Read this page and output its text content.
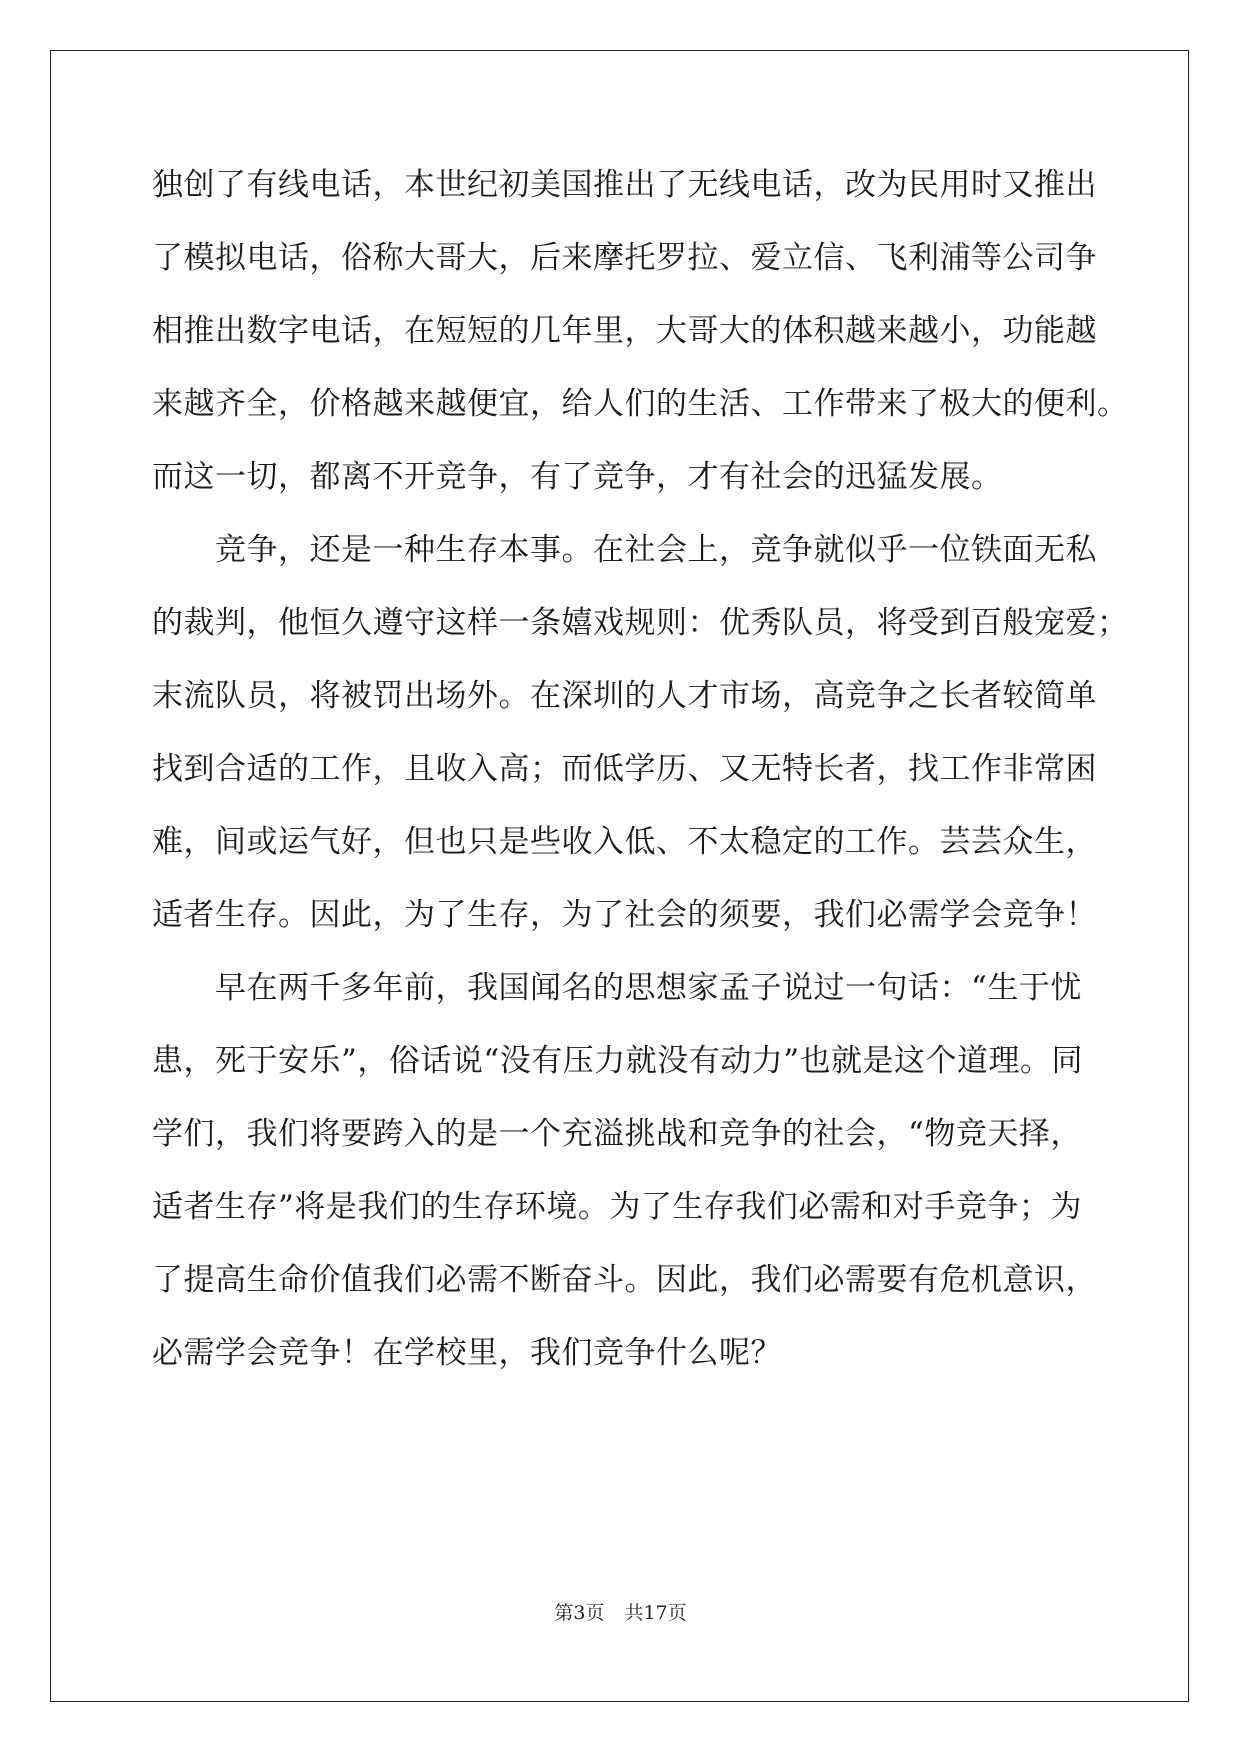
独创了有线电话，本世纪初美国推出了无线电话，改为民用时又推出
了模拟电话，俗称大哥大，后来摩托罗拉、爱立信、飞利浦等公司争
相推出数字电话，在短短的几年里，大哥大的体积越来越小，功能越
来越齐全，价格越来越便宜，给人们的生活、工作带来了极大的便利。
而这一切，都离不开竞争，有了竞争，才有社会的迅猛发展。
　　竞争，还是一种生存本事。在社会上，竞争就似乎一位铁面无私
的裁判，他恒久遵守这样一条嬉戏规则：优秀队员，将受到百般宠爱；
末流队员，将被罚出场外。在深圳的人才市场，高竞争之长者较简单
找到合适的工作，且收入高；而低学历、又无特长者，找工作非常困
难，间或运气好，但也只是些收入低、不太稳定的工作。芸芸众生，
适者生存。因此，为了生存，为了社会的须要，我们必需学会竞争！
　　早在两千多年前，我国闻名的思想家孟子说过一句话：“生于忧
患，死于安乐”，俗话说“没有压力就没有动力”也就是这个道理。同
学们，我们将要跨入的是一个充溢挑战和竞争的社会，“物竞天择，
适者生存”将是我们的生存环境。为了生存我们必需和对手竞争；为
了提高生命价值我们必需不断奋斗。因此，我们必需要有危机意识，
必需学会竞争！在学校里，我们竞争什么呢？
第3页 共17页
